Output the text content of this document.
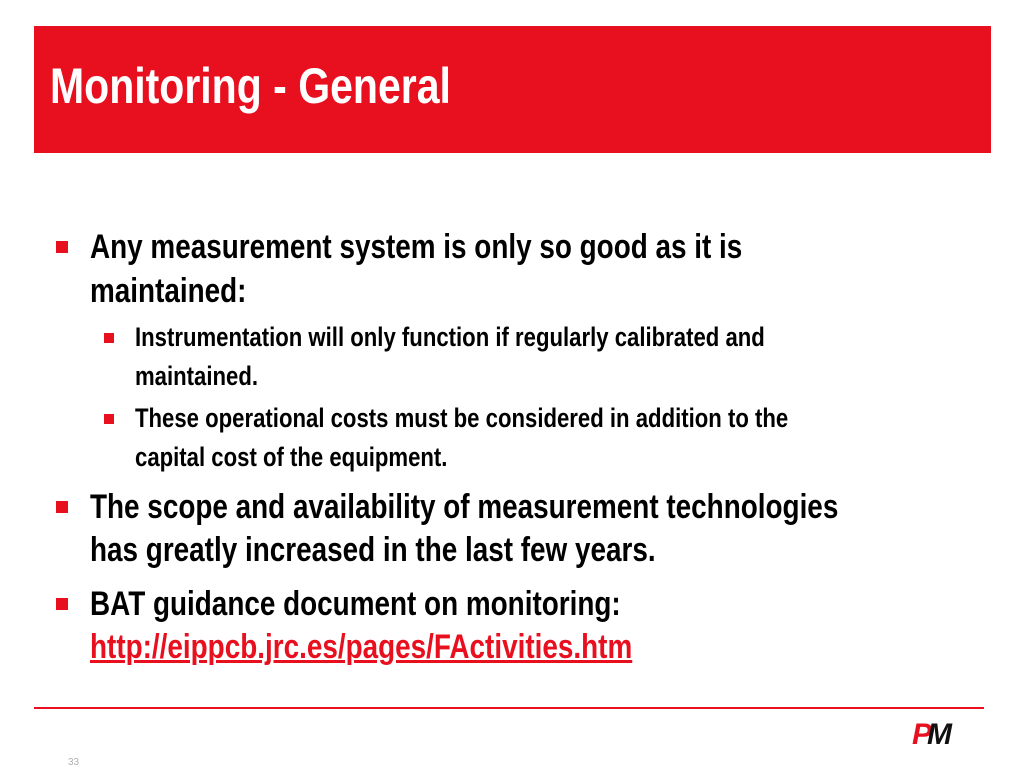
Monitoring - General
Any measurement system is only so good as it is
maintained:
Instrumentation will only function if regularly calibrated and
maintained.
These operational costs must be considered in addition to the
capital cost of the equipment.
The scope and availability of measurement technologies
has greatly increased in the last few years.
BAT guidance document on monitoring:
http://eippcb.jrc.es/pages/FActivities.htm
33
PM
